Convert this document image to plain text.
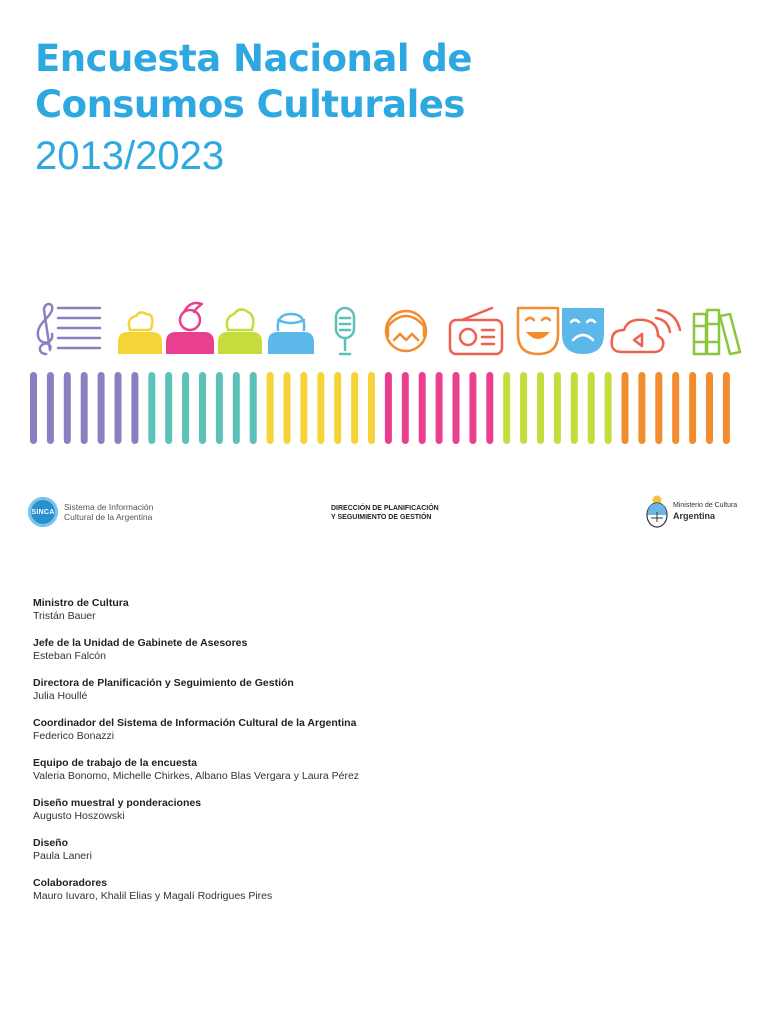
Encuesta Nacional de
Consumos Culturales
2013/2023
SINCA	Sistema de Información
Cultural de la Argentina
DIRECCIÓN DE PLANIFICACIÓN
Y SEGUIMIENTO DE GESTIÓN
Ministerio de Cultura
Argentina
Ministro de Cultura
Tristán Bauer
Jefe de la Unidad de Gabinete de Asesores
Esteban Falcón
Directora de Planificación y Seguimiento de Gestión
Julia Houllé
Coordinador del Sistema de Información Cultural de la Argentina
Federico Bonazzi
Equipo de trabajo de la encuesta
Valeria Bonomo, Michelle Chirkes, Albano Blas Vergara y Laura Pérez
Diseño muestral y ponderaciones
Augusto Hoszowski
Diseño
Paula Laneri
Colaboradores
Mauro Iuvaro, Khalil Elias y Magalí Rodrigues Pires
